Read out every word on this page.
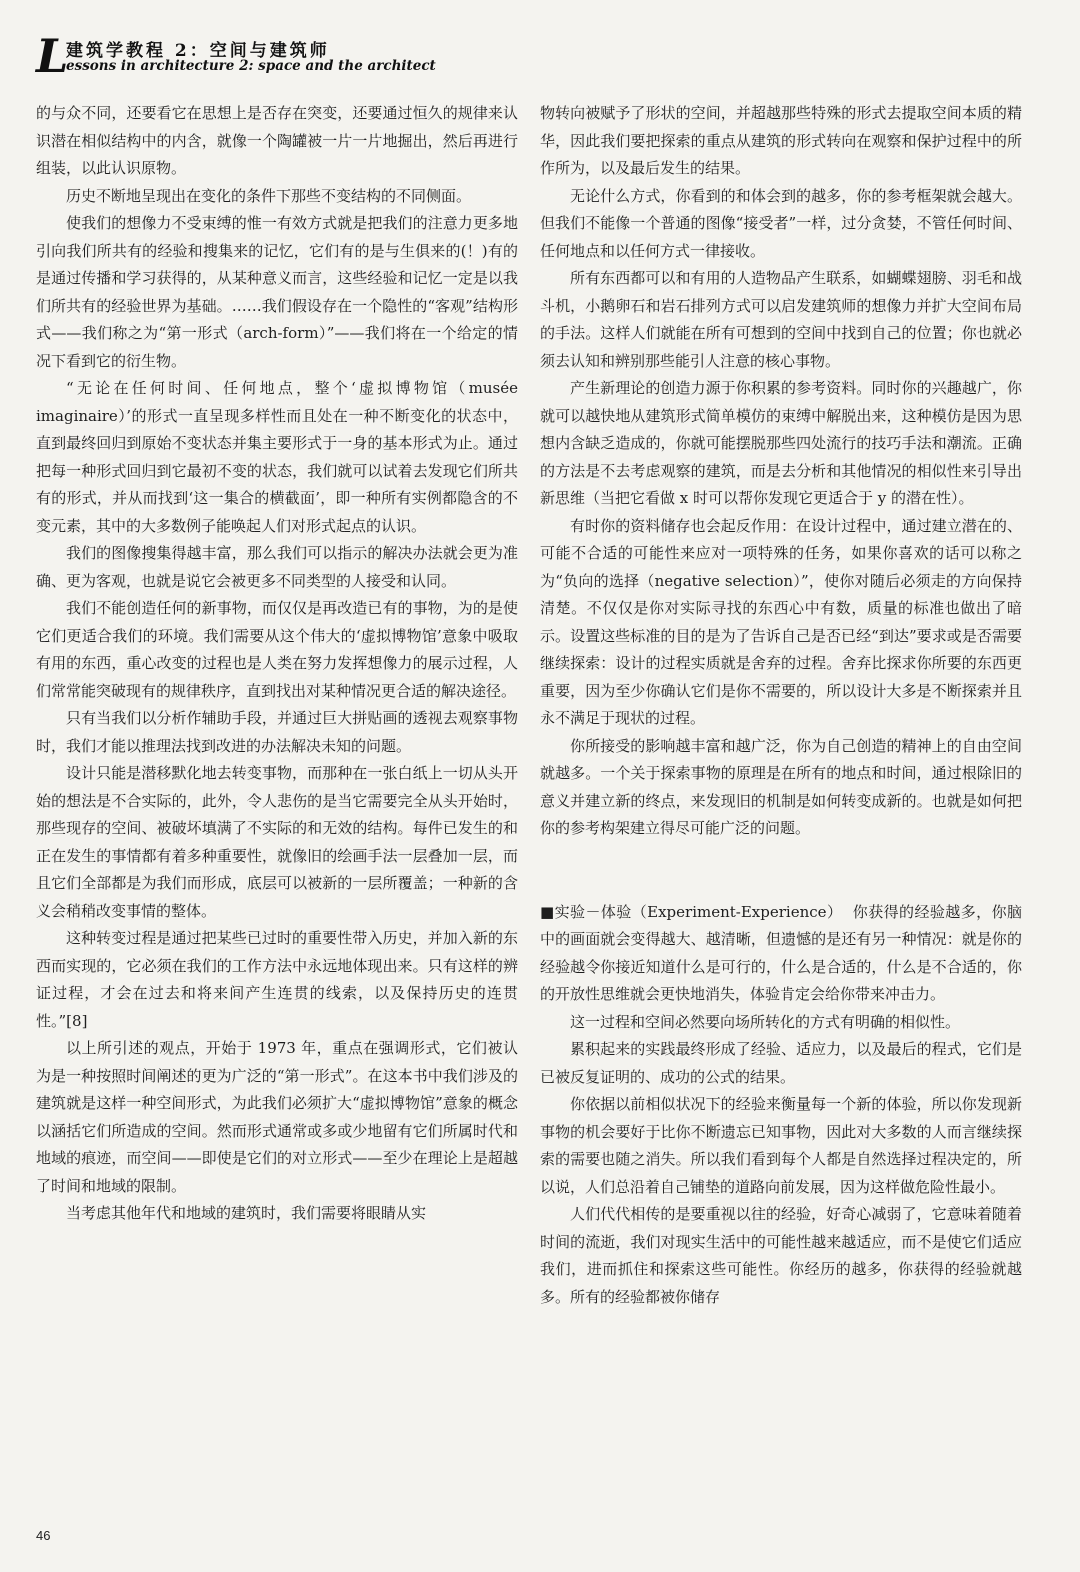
L
建筑学教程 2：空间与建筑师
essons in architecture 2: space and the architect

的与众不同，还要看它在思想上是否存在突变，还要通过恒久的规律来认识潜在相似结构中的内含，就像一个陶罐被一片一片地掘出，然后再进行组装，以此认识原物。

历史不断地呈现出在变化的条件下那些不变结构的不同侧面。

使我们的想像力不受束缚的惟一有效方式就是把我们的注意力更多地引向我们所共有的经验和搜集来的记忆，它们有的是与生俱来的(！)有的是通过传播和学习获得的，从某种意义而言，这些经验和记忆一定是以我们所共有的经验世界为基础。……我们假设存在一个隐性的“客观”结构形式——我们称之为“第一形式（arch-form）”——我们将在一个给定的情况下看到它的衍生物。

“无论在任何时间、任何地点，整个‘虚拟博物馆（musée imaginaire）’的形式一直呈现多样性而且处在一种不断变化的状态中，直到最终回归到原始不变状态并集主要形式于一身的基本形式为止。通过把每一种形式回归到它最初不变的状态，我们就可以试着去发现它们所共有的形式，并从而找到‘这一集合的横截面’，即一种所有实例都隐含的不变元素，其中的大多数例子能唤起人们对形式起点的认识。

我们的图像搜集得越丰富，那么我们可以指示的解决办法就会更为准确、更为客观，也就是说它会被更多不同类型的人接受和认同。

我们不能创造任何的新事物，而仅仅是再改造已有的事物，为的是使它们更适合我们的环境。我们需要从这个伟大的‘虚拟博物馆’意象中吸取有用的东西，重心改变的过程也是人类在努力发挥想像力的展示过程，人们常常能突破现有的规律秩序，直到找出对某种情况更合适的解决途径。

只有当我们以分析作辅助手段，并通过巨大拼贴画的透视去观察事物时，我们才能以推理法找到改进的办法解决未知的问题。

设计只能是潜移默化地去转变事物，而那种在一张白纸上一切从头开始的想法是不合实际的，此外，令人悲伤的是当它需要完全从头开始时，那些现存的空间、被破坏填满了不实际的和无效的结构。每件已发生的和正在发生的事情都有着多种重要性，就像旧的绘画手法一层叠加一层，而且它们全部都是为我们而形成，底层可以被新的一层所覆盖；一种新的含义会稍稍改变事情的整体。

这种转变过程是通过把某些已过时的重要性带入历史，并加入新的东西而实现的，它必须在我们的工作方法中永远地体现出来。只有这样的辨证过程，才会在过去和将来间产生连贯的线索，以及保持历史的连贯性。”[8]

以上所引述的观点，开始于 1973 年，重点在强调形式，它们被认为是一种按照时间阐述的更为广泛的“第一形式”。在这本书中我们涉及的建筑就是这样一种空间形式，为此我们必须扩大“虚拟博物馆”意象的概念以涵括它们所造成的空间。然而形式通常或多或少地留有它们所属时代和地域的痕迹，而空间——即使是它们的对立形式——至少在理论上是超越了时间和地域的限制。

当考虑其他年代和地域的建筑时，我们需要将眼睛从实

物转向被赋予了形状的空间，并超越那些特殊的形式去提取空间本质的精华，因此我们要把探索的重点从建筑的形式转向在观察和保护过程中的所作所为，以及最后发生的结果。

无论什么方式，你看到的和体会到的越多，你的参考框架就会越大。但我们不能像一个普通的图像“接受者”一样，过分贪婪，不管任何时间、任何地点和以任何方式一律接收。

所有东西都可以和有用的人造物品产生联系，如蝴蝶翅膀、羽毛和战斗机，小鹅卵石和岩石排列方式可以启发建筑师的想像力并扩大空间布局的手法。这样人们就能在所有可想到的空间中找到自己的位置；你也就必须去认知和辨别那些能引人注意的核心事物。

产生新理论的创造力源于你积累的参考资料。同时你的兴趣越广，你就可以越快地从建筑形式简单模仿的束缚中解脱出来，这种模仿是因为思想内含缺乏造成的，你就可能摆脱那些四处流行的技巧手法和潮流。正确的方法是不去考虑观察的建筑，而是去分析和其他情况的相似性来引导出新思维（当把它看做 x 时可以帮你发现它更适合于 y 的潜在性）。

有时你的资料储存也会起反作用：在设计过程中，通过建立潜在的、可能不合适的可能性来应对一项特殊的任务，如果你喜欢的话可以称之为“负向的选择（negative selection）”，使你对随后必须走的方向保持清楚。不仅仅是你对实际寻找的东西心中有数，质量的标准也做出了暗示。设置这些标准的目的是为了告诉自己是否已经“到达”要求或是否需要继续探索：设计的过程实质就是舍弃的过程。舍弃比探求你所要的东西更重要，因为至少你确认它们是你不需要的，所以设计大多是不断探索并且永不满足于现状的过程。

你所接受的影响越丰富和越广泛，你为自己创造的精神上的自由空间就越多。一个关于探索事物的原理是在所有的地点和时间，通过根除旧的意义并建立新的终点，来发现旧的机制是如何转变成新的。也就是如何把你的参考构架建立得尽可能广泛的问题。

■实验－体验（Experiment-Experience） 你获得的经验越多，你脑中的画面就会变得越大、越清晰，但遗憾的是还有另一种情况：就是你的经验越令你接近知道什么是可行的，什么是合适的，什么是不合适的，你的开放性思维就会更快地消失，体验肯定会给你带来冲击力。

这一过程和空间必然要向场所转化的方式有明确的相似性。

累积起来的实践最终形成了经验、适应力，以及最后的程式，它们是已被反复证明的、成功的公式的结果。

你依据以前相似状况下的经验来衡量每一个新的体验，所以你发现新事物的机会要好于比你不断遗忘已知事物，因此对大多数的人而言继续探索的需要也随之消失。所以我们看到每个人都是自然选择过程决定的，所以说，人们总沿着自己铺垫的道路向前发展，因为这样做危险性最小。

人们代代相传的是要重视以往的经验，好奇心减弱了，它意味着随着时间的流逝，我们对现实生活中的可能性越来越适应，而不是使它们适应我们，进而抓住和探索这些可能性。你经历的越多，你获得的经验就越多。所有的经验都被你储存

46
